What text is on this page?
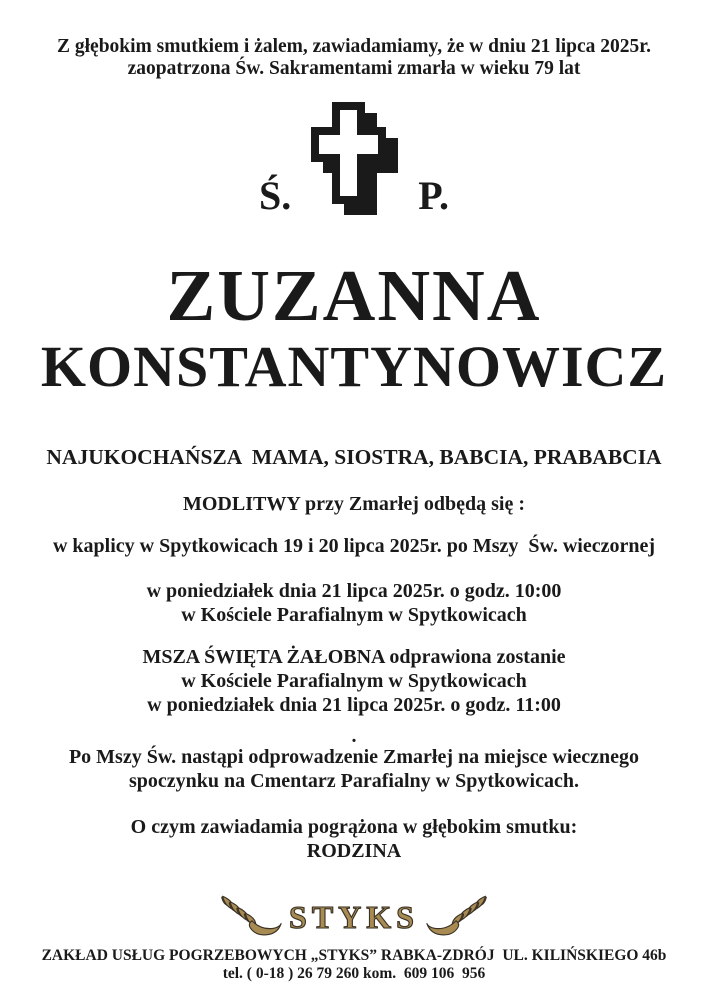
Z głębokim smutkiem i żalem, zawiadamiamy, że w dniu 21 lipca 2025r.
zaopatrzona Św. Sakramentami zmarła w wieku 79 lat
Ś.	P.
ZUZANNA
KONSTANTYNOWICZ
NAJUKOCHAŃSZA  MAMA, SIOSTRA, BABCIA, PRABABCIA
MODLITWY przy Zmarłej odbędą się :
w kaplicy w Spytkowicach 19 i 20 lipca 2025r. po Mszy  Św. wieczornej
w poniedziałek dnia 21 lipca 2025r. o godz. 10:00
w Kościele Parafialnym w Spytkowicach
MSZA ŚWIĘTA ŻAŁOBNA odprawiona zostanie
w Kościele Parafialnym w Spytkowicach
w poniedziałek dnia 21 lipca 2025r. o godz. 11:00
.
Po Mszy Św. nastąpi odprowadzenie Zmarłej na miejsce wiecznego
spoczynku na Cmentarz Parafialny w Spytkowicach.
O czym zawiadamia pogrążona w głębokim smutku:
RODZINA
STYKS
ZAKŁAD USŁUG POGRZEBOWYCH „STYKS” RABKA-ZDRÓJ  UL. KILIŃSKIEGO 46b
tel. ( 0-18 ) 26 79 260 kom.  609 106  956
